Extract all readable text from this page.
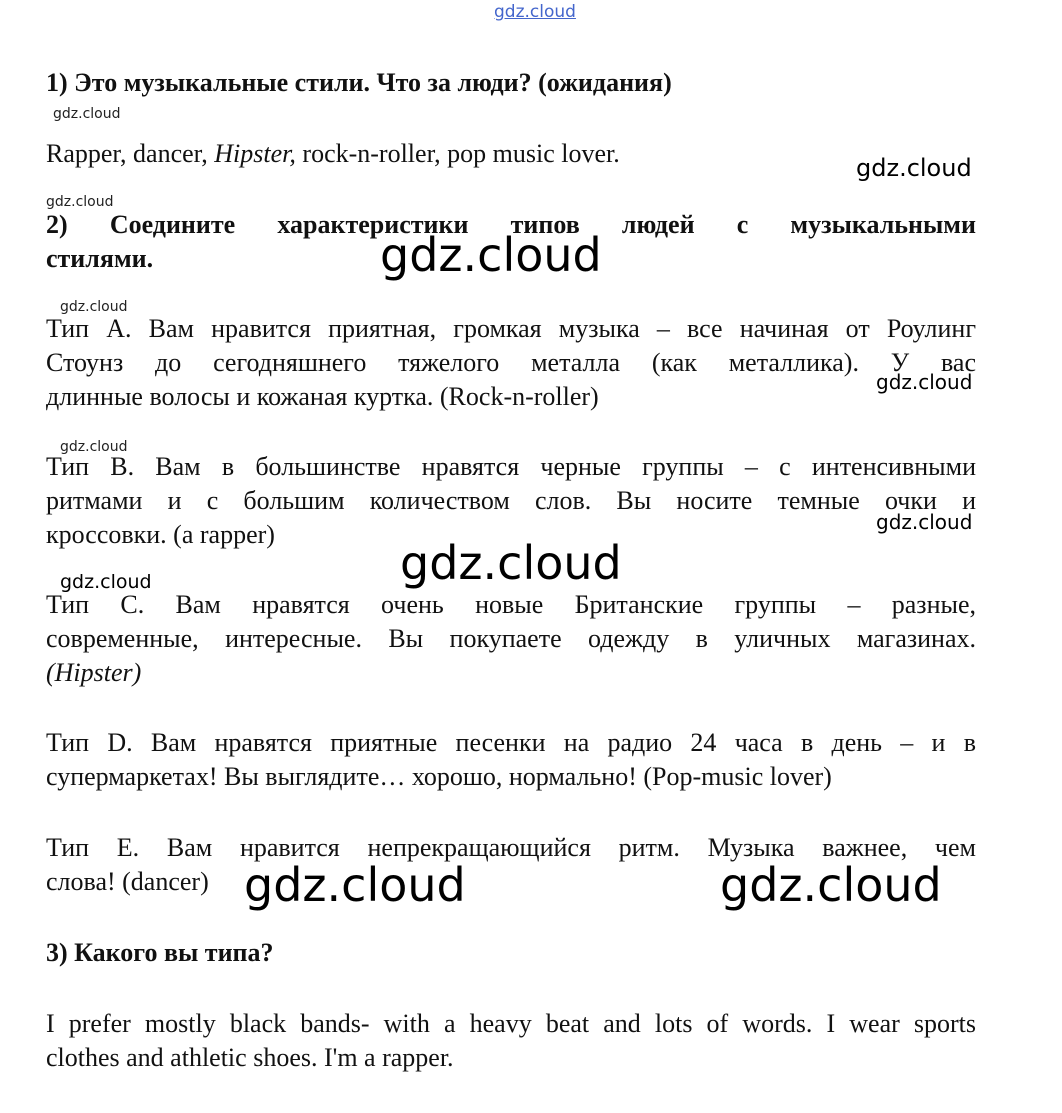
gdz.cloud
gdz.cloud
gdz.cloud
gdz.cloud
gdz.cloud
gdz.cloud
gdz.cloud
gdz.cloud
gdz.cloud
gdz.cloud	gdz.cloud
gdz.cloud	gdz.cloud

1) Это музыкальные стили. Что за люди? (ожидания)

Rapper, dancer, Hipster, rock-n-roller, pop music lover.

2) Соедините характеристики типов людей с музыкальными
стилями.

Тип A. Вам нравится приятная, громкая музыка – все начиная от Роулинг
Стоунз до сегодняшнего тяжелого металла (как металлика). У вас
длинные волосы и кожаная куртка. (Rock-n-roller)

Тип B. Вам в большинстве нравятся черные группы – с интенсивными
ритмами и с большим количеством слов. Вы носите темные очки и
кроссовки. (a rapper)

Тип C. Вам нравятся очень новые Британские группы – разные,
современные, интересные. Вы покупаете одежду в уличных магазинах.
(Hipster)

Тип D. Вам нравятся приятные песенки на радио 24 часа в день – и в
супермаркетах! Вы выглядите… хорошо, нормально! (Pop-music lover)

Тип E. Вам нравится непрекращающийся ритм. Музыка важнее, чем
слова! (dancer)

3) Какого вы типа?

I prefer mostly black bands- with a heavy beat and lots of words. I wear sports
clothes and athletic shoes. I'm a rapper.
